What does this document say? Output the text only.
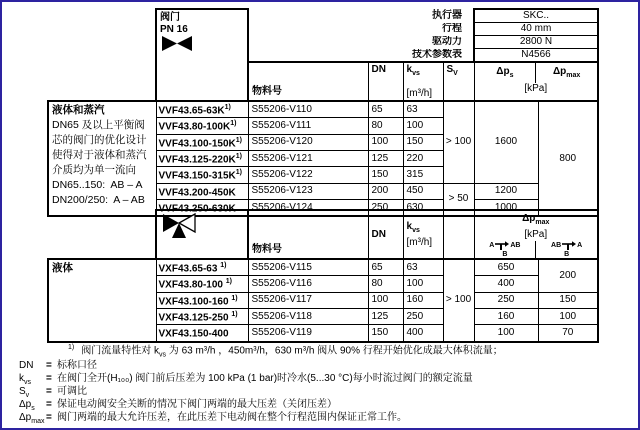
	阀门
PN 16	执行器				SKC..	
		行程				40 mm	
		驱动力				2800 N	
		技术参数表				N4566	
物料号	DN	$k_{vs}$
[m³/h]
	$S_V$	$\Delta p_s$	$\Delta p_{max}$
[kPa]

液体和蒸汽
DN65 及以上平衡阀
芯的阀门的优化设计
使得对于液体和蒸汽
介质均为单一流向
DN65..150:  AB – A
DN200/250:  A – AB
	$VVF43.65-63K^{1)}$	S55206-V110	65	63	> 100	1600	800
	$VVF43.80-100K^{1)}$	S55206-V111	80	100			
	$VVF43.100-150K^{1)}$	S55206-V120	100	150			
	$VVF43.125-220K^{1)}$	S55206-V121	125	220			
	$VVF43.150-315K^{1)}$	S55206-V122	150	315			
	VVF43.200-450K	S55206-V123	200	450	> 50	1200	
	VVF43.250-630K	S55206-V124	250	630		1000	

	物料号	DN	
$k_{vs}$
[m³/h]

$\Delta p_{max}$
[kPa]
A AB
B
AB A
B

液体	VXF43.65-63 $^{1)}$	S55206-V115	65	63	> 100	650	200
	VXF43.80-100 $^{1)}$	S55206-V116	80	100		400	
	VXF43.100-160 $^{1)}$	S55206-V117	100	160		250	150
	VXF43.125-250 $^{1)}$	S55206-V118	125	250		160	100
	VXF43.150-400	S55206-V119	150	400		100	70
$^{1)}$ 阀门流量特性对 $k_{vs}$ 为 63 m³/h ，450m³/h，630 m³/h 阀从 90% 行程开始优化成最大体积流量；
DN	= 标称口径
$k_{vs}$	= 在阀门全开(H₁₀₀) 阀门前后压差为 100 kPa (1 bar)时冷水(5...30 °C)每小时流过阀门的额定流量
$S_v$	= 可调比
$\Delta p_s$	= 保证电动阀安全关断的情况下阀门两端的最大压差（关闭压差）
$\Delta p_{max}$ = 阀门两端的最大允许压差，在此压差下电动阀在整个行程范围内保证正常工作。
